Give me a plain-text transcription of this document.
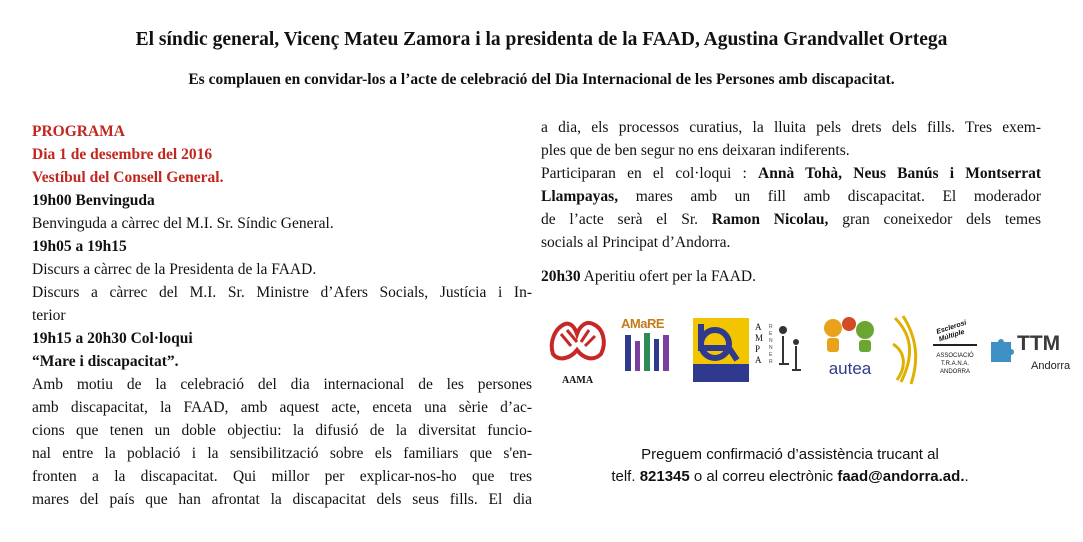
El síndic general, Vicenç Mateu Zamora i la presidenta de la FAAD, Agustina Grandvallet Ortega
Es complauen en convidar-los a l’acte de celebració del Dia Internacional de les Persones amb discapacitat.
PROGRAMA
Dia 1 de desembre del 2016
Vestíbul del Consell General.
19h00 Benvinguda
Benvinguda a càrrec del M.I. Sr. Síndic General.
19h05 a 19h15
Discurs a càrrec de la Presidenta de la FAAD.
Discurs a càrrec del M.I. Sr. Ministre d’Afers Socials, Justícia i In-
terior
19h15 a 20h30 Col·loqui
“Mare i discapacitat”.
Amb motiu de la celebració del dia internacional de les persones
amb discapacitat, la FAAD, amb aquest acte, enceta una sèrie d’ac-
cions que tenen un doble objectiu: la difusió de la diversitat funcio-
nal entre la població i la sensibilització sobre els familiars que s'en-
fronten a la discapacitat. Qui millor per explicar-nos-ho que tres
mares del país que han afrontat la discapacitat dels seus fills. El dia
a dia, els processos curatius, la lluita pels drets dels fills. Tres exem-
ples que de ben segur no ens deixaran indiferents.
Participaran en el col·loqui : Annà Tohà, Neus Banús i Montserrat
Llampayas, mares amb un fill amb discapacitat. El moderador
de l’acte serà el Sr. Ramon Nicolau, gran coneixedor dels temes
socials al Principat d’Andorra.
20h30 Aperitiu ofert per la FAAD.
AAMA
AMaRE	AMPA
RENNER	autea
Esclerosi Múltiple
ASSOCIACIÓ T.R.A.N.A. ANDORRA
TTM
Andorra
Preguem confirmació d’assistència trucant al
telf. 821345 o al correu electrònic faad@andorra.ad..
